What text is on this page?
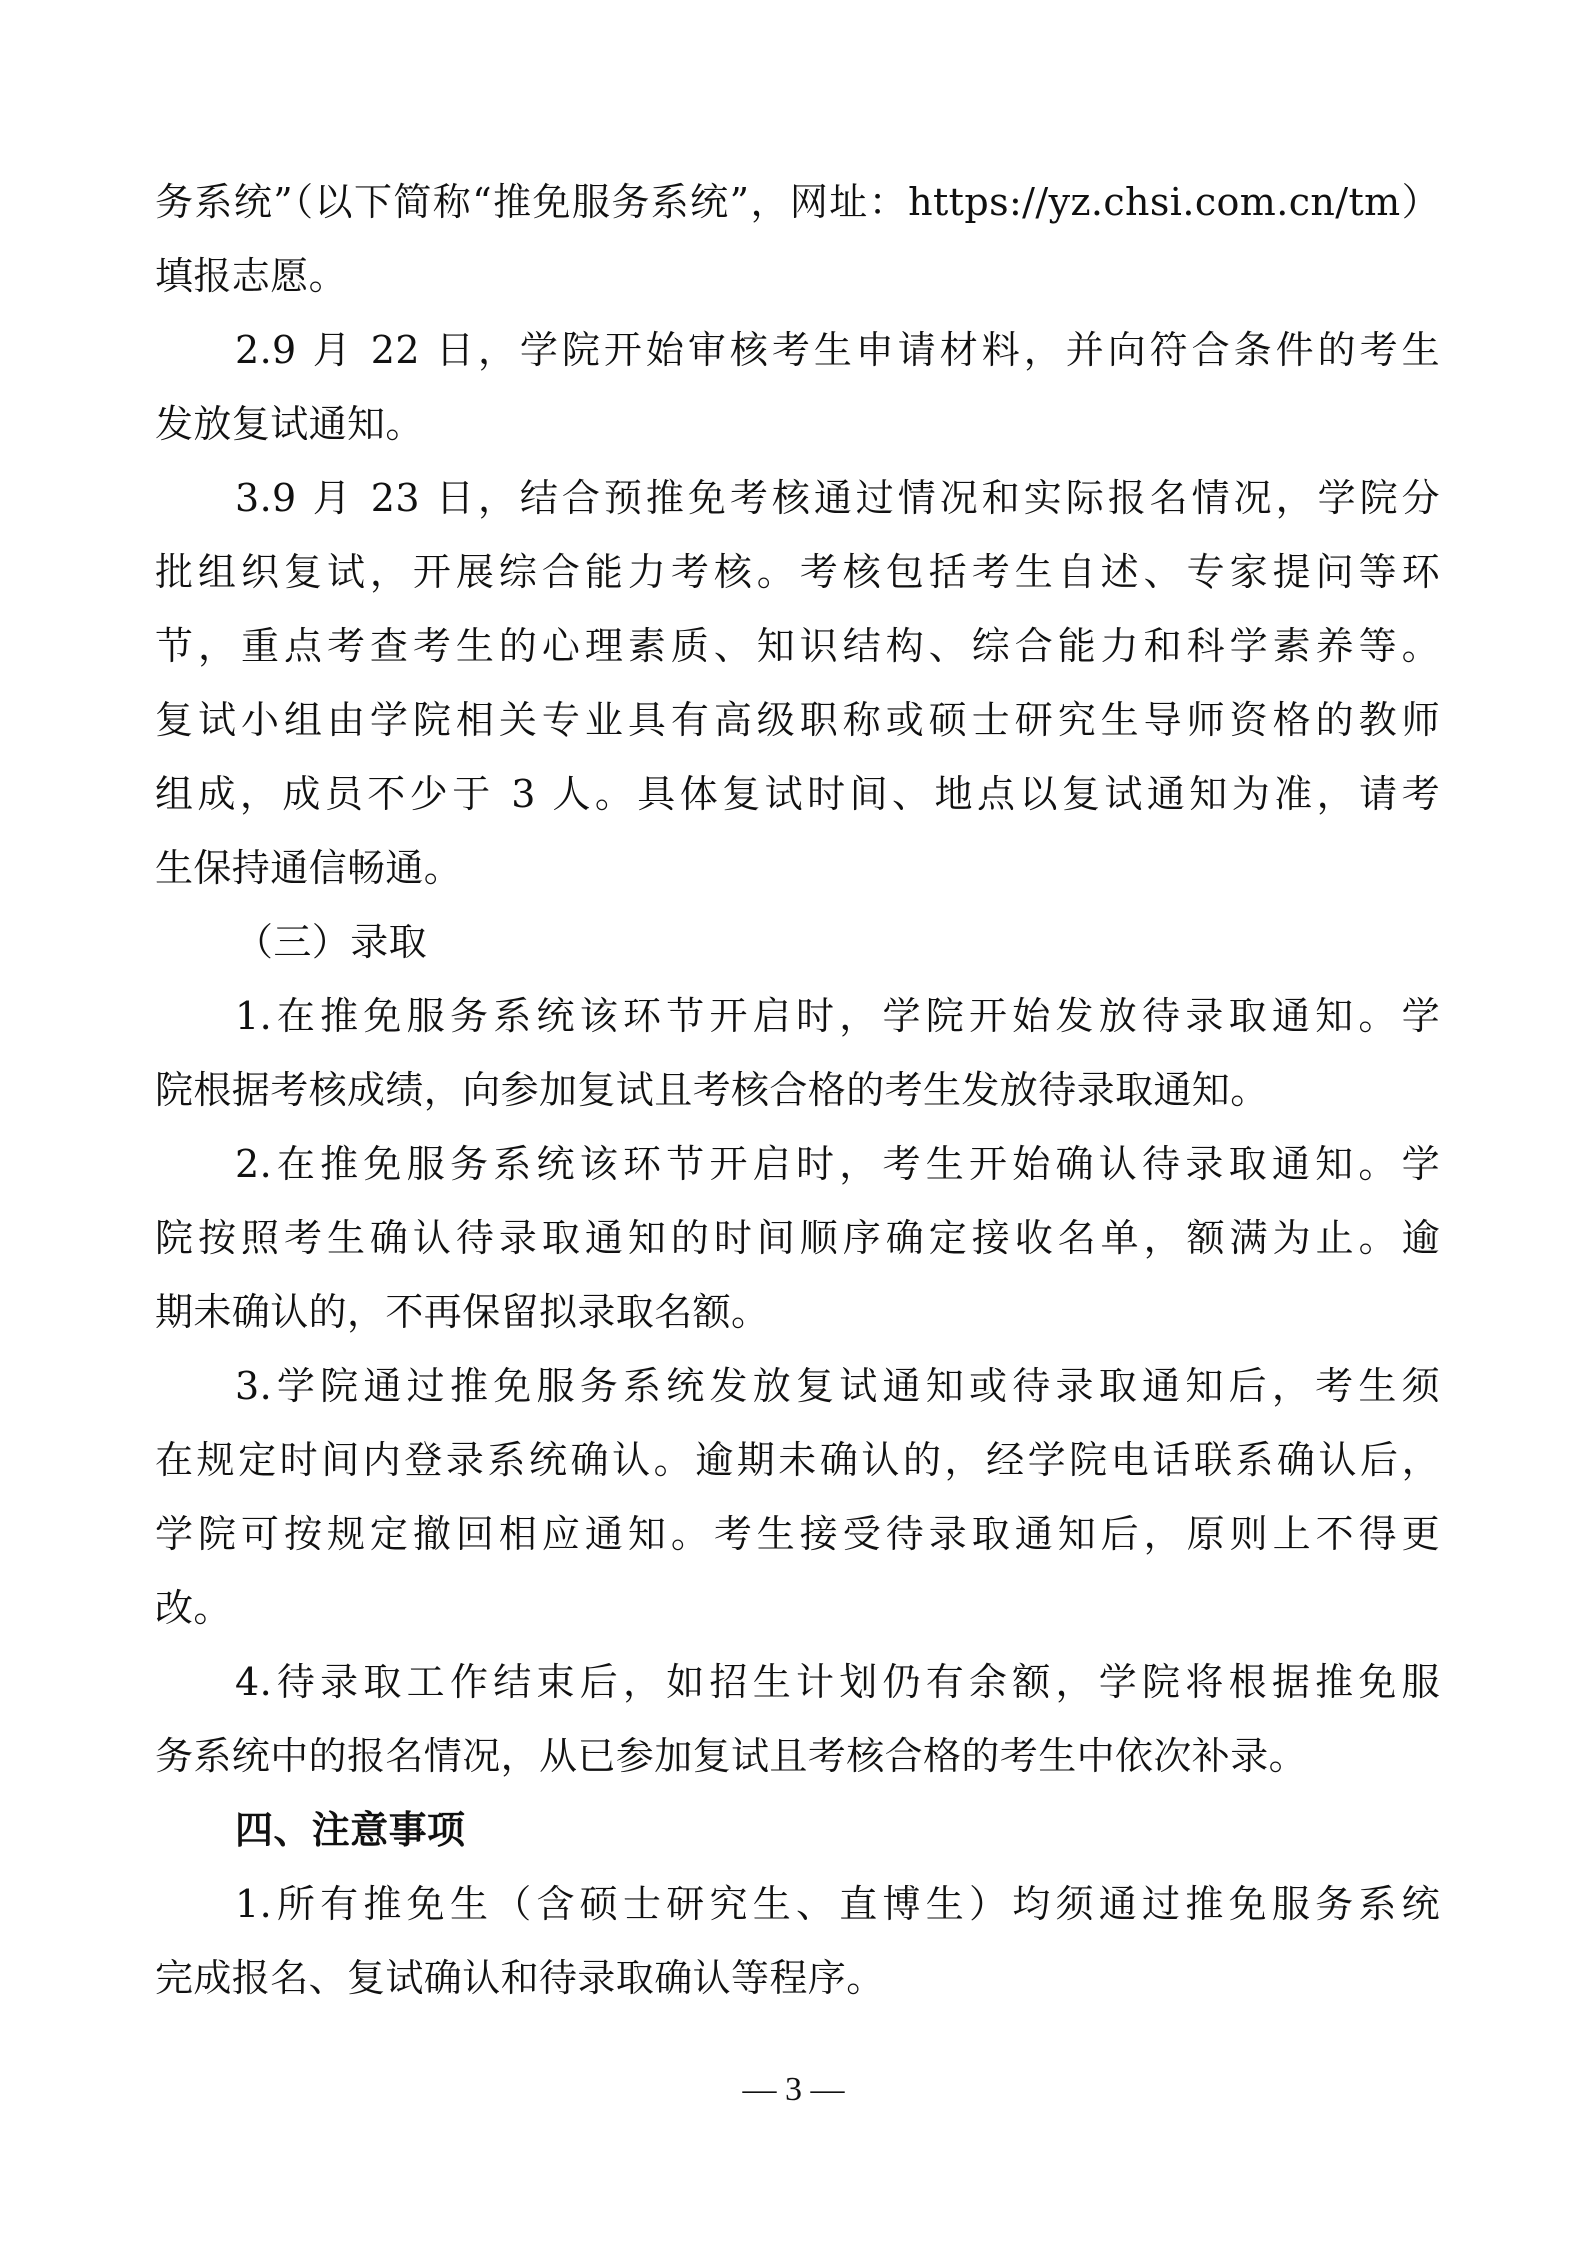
务系统”（以下简称“推免服务系统”，网址：https://yz.chsi.com.cn/tm）
填报志愿。
2.9 月 22 日，学院开始审核考生申请材料，并向符合条件的考生
发放复试通知。
3.9 月 23 日，结合预推免考核通过情况和实际报名情况，学院分
批组织复试，开展综合能力考核。考核包括考生自述、专家提问等环
节，重点考查考生的心理素质、知识结构、综合能力和科学素养等。
复试小组由学院相关专业具有高级职称或硕士研究生导师资格的教师
组成，成员不少于 3 人。具体复试时间、地点以复试通知为准，请考
生保持通信畅通。
（三）录取
1.在推免服务系统该环节开启时，学院开始发放待录取通知。学
院根据考核成绩，向参加复试且考核合格的考生发放待录取通知。
2.在推免服务系统该环节开启时，考生开始确认待录取通知。学
院按照考生确认待录取通知的时间顺序确定接收名单，额满为止。逾
期未确认的，不再保留拟录取名额。
3.学院通过推免服务系统发放复试通知或待录取通知后，考生须
在规定时间内登录系统确认。逾期未确认的，经学院电话联系确认后，
学院可按规定撤回相应通知。考生接受待录取通知后，原则上不得更
改。
4.待录取工作结束后，如招生计划仍有余额，学院将根据推免服
务系统中的报名情况，从已参加复试且考核合格的考生中依次补录。
四、注意事项
1.所有推免生（含硕士研究生、直博生）均须通过推免服务系统
完成报名、复试确认和待录取确认等程序。
— 3 —
